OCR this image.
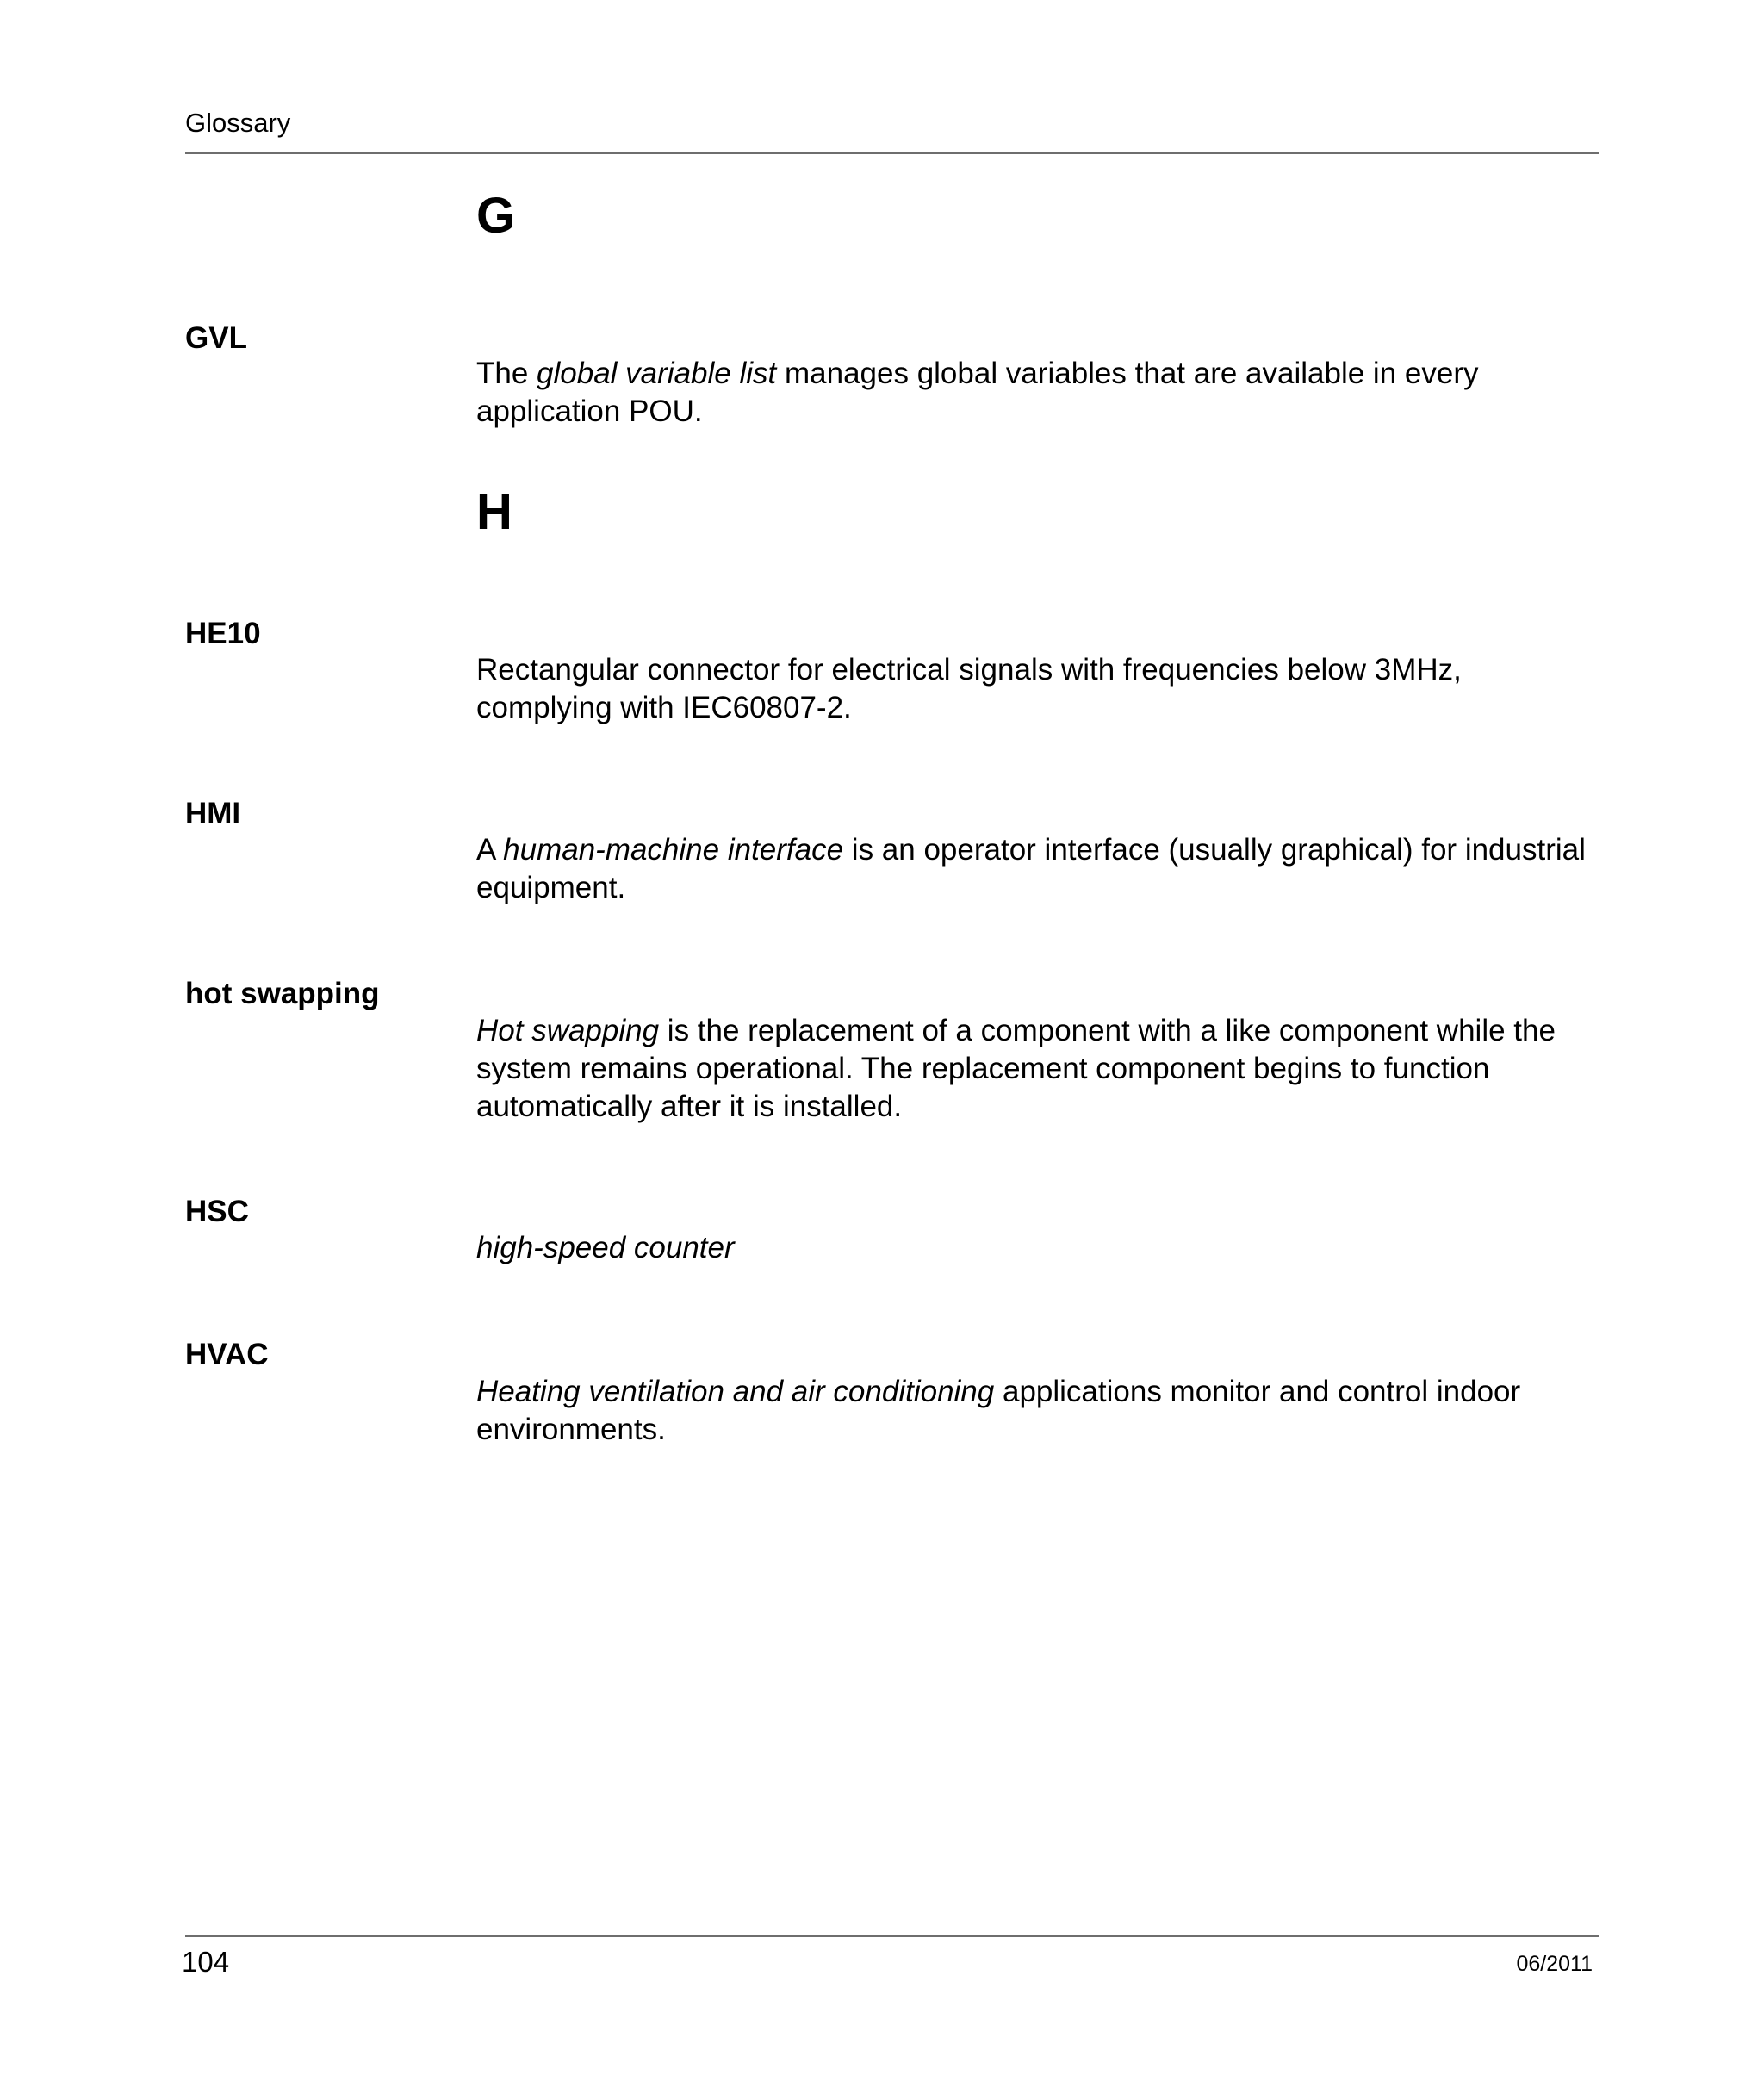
Glossary
G
GVL
The global variable list manages global variables that are available in every application POU.
H
HE10
Rectangular connector for electrical signals with frequencies below 3MHz, complying with IEC60807-2.
HMI
A human-machine interface is an operator interface (usually graphical) for industrial equipment.
hot swapping
Hot swapping is the replacement of a component with a like component while the system remains operational. The replacement component begins to function automatically after it is installed.
HSC
high-speed counter
HVAC
Heating ventilation and air conditioning applications monitor and control indoor environments.
104	06/2011
